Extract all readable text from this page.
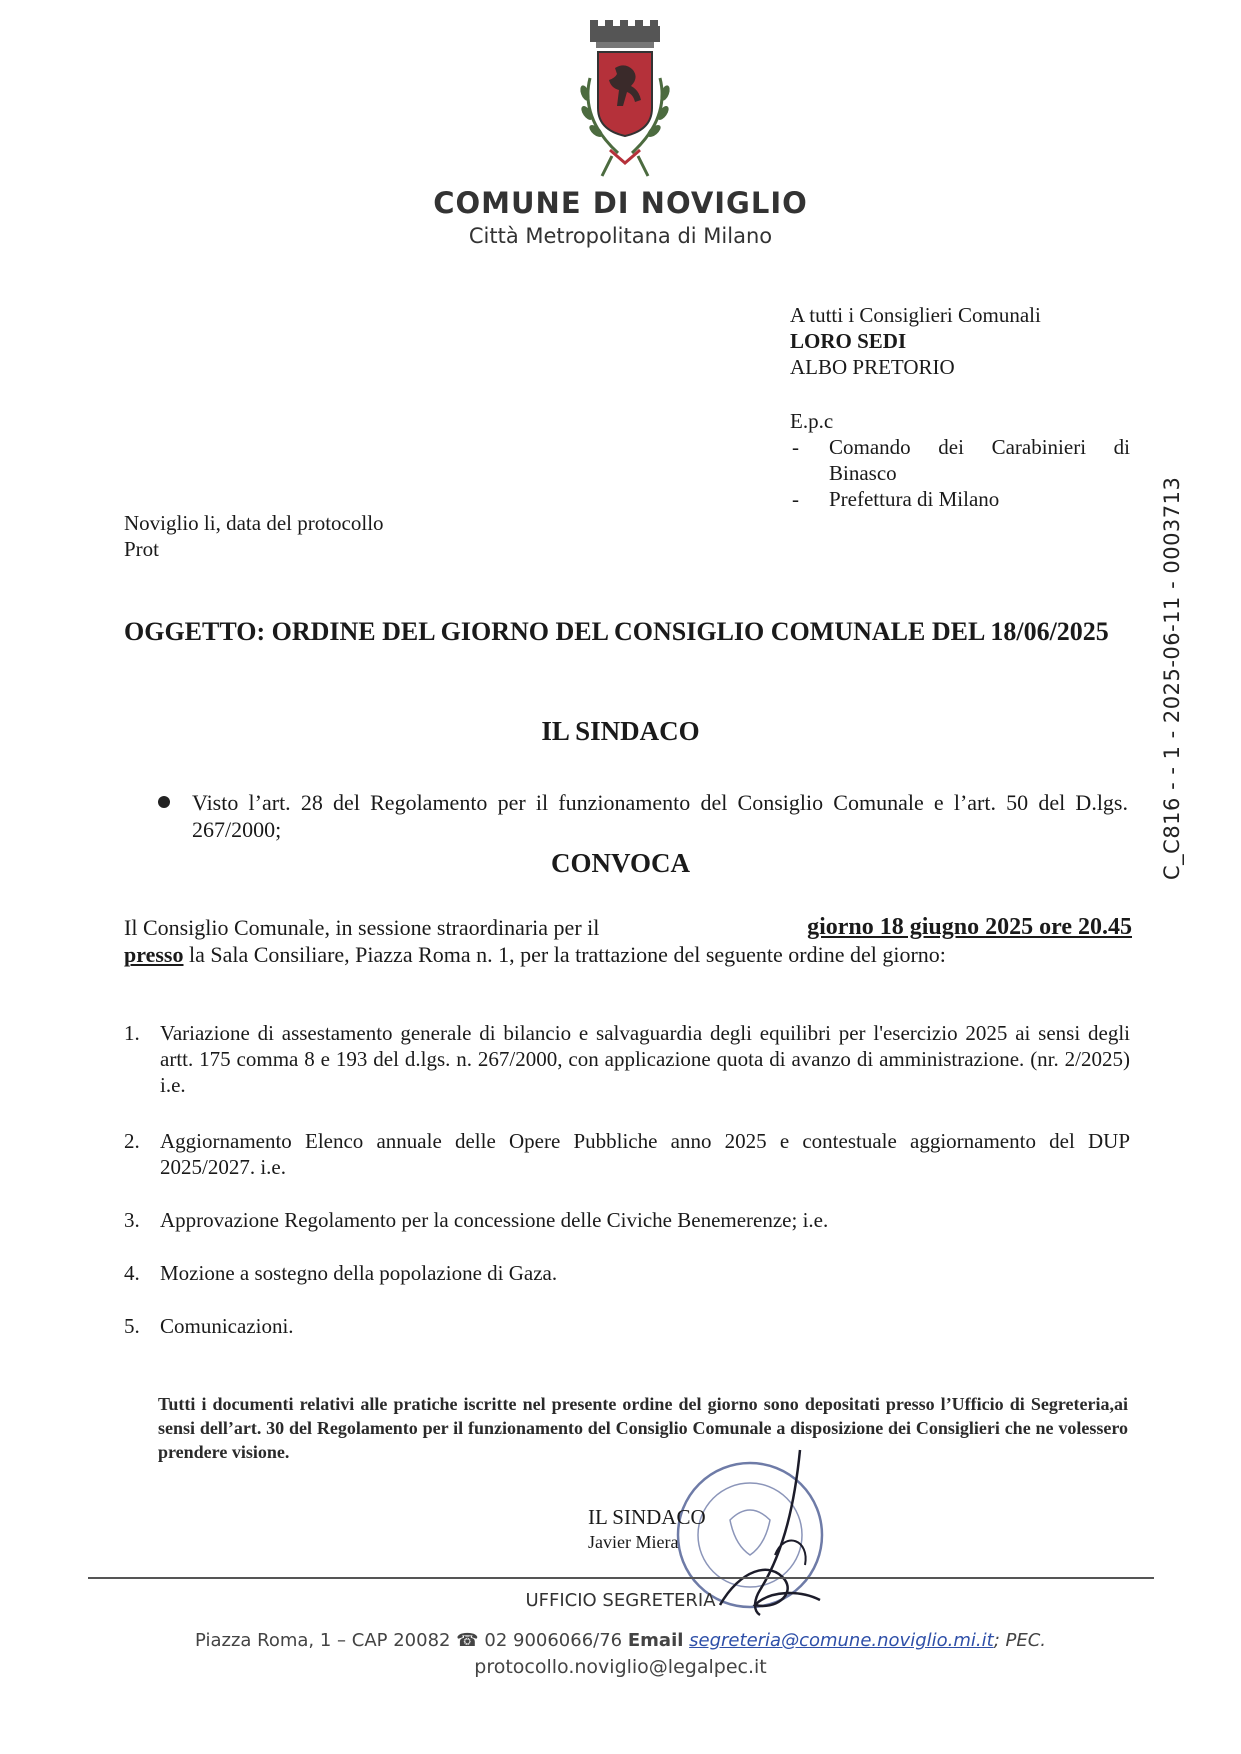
COMUNE DI NOVIGLIO
Città Metropolitana di Milano
A tutti i Consiglieri Comunali
LORO SEDI
ALBO PRETORIO
E.p.c
-	Comando dei Carabinieri di
Binasco
-	Prefettura di Milano
Noviglio li, data del protocollo
Prot
OGGETTO: ORDINE DEL GIORNO DEL CONSIGLIO COMUNALE DEL 18/06/2025
IL SINDACO
Visto l’art. 28 del Regolamento per il funzionamento del Consiglio Comunale e l’art. 50 del D.lgs. 267/2000;
CONVOCA
Il Consiglio Comunale, in sessione straordinaria per il	giorno 18 giugno 2025 ore 20.45
presso la Sala Consiliare, Piazza Roma n. 1, per la trattazione del seguente ordine del giorno:
1. Variazione di assestamento generale di bilancio e salvaguardia degli equilibri per l'esercizio 2025 ai sensi degli artt. 175 comma 8 e 193 del d.lgs. n. 267/2000, con applicazione quota di avanzo di amministrazione. (nr. 2/2025) i.e.
2. Aggiornamento Elenco annuale delle Opere Pubbliche anno 2025 e contestuale aggiornamento del DUP 2025/2027. i.e.
3. Approvazione Regolamento per la concessione delle Civiche Benemerenze; i.e.
4. Mozione a sostegno della popolazione di Gaza.
5. Comunicazioni.
Tutti i documenti relativi alle pratiche iscritte nel presente ordine del giorno sono depositati presso l’Ufficio di Segreteria,ai sensi dell’art. 30 del Regolamento per il funzionamento del Consiglio Comunale a disposizione dei Consiglieri che ne volessero prendere visione.
IL SINDACO
Javier Miera
UFFICIO SEGRETERIA
Piazza Roma, 1 – CAP 20082 ☎ 02 9006066/76 Email segreteria@comune.noviglio.mi.it; PEC.
protocollo.noviglio@legalpec.it
C_C816 - - 1 - 2025-06-11 - 0003713
